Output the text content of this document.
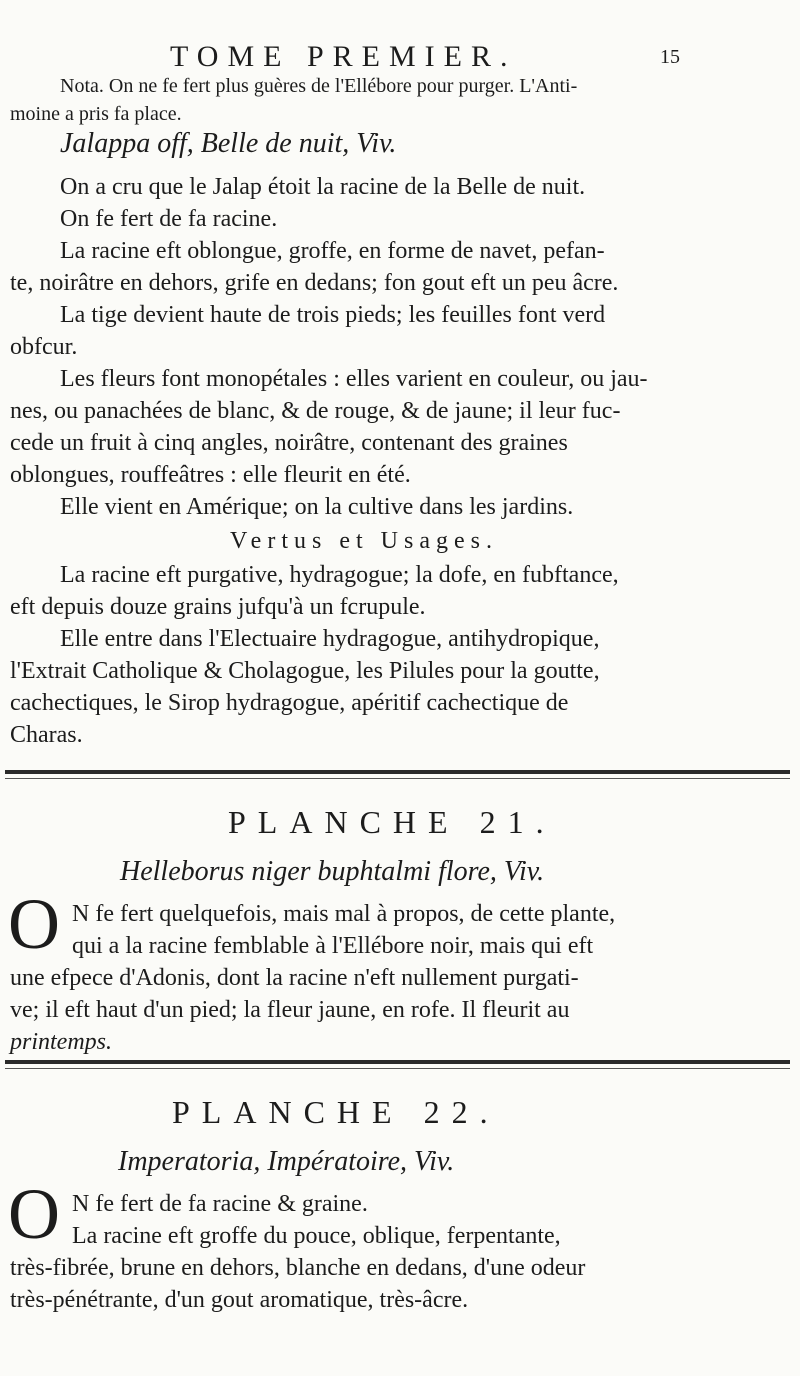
TOME PREMIER.	15
Nota. On ne fe fert plus guères de l'Ellébore pour purger. L'Anti-
moine a pris fa place.
Jalappa off, Belle de nuit, Viv.
On a cru que le Jalap étoit la racine de la Belle de nuit.
On fe fert de fa racine.
La racine eft oblongue, groffe, en forme de navet, pefan-
te, noirâtre en dehors, grife en dedans; fon gout eft un peu âcre.
La tige devient haute de trois pieds; les feuilles font verd
obfcur.
Les fleurs font monopétales : elles varient en couleur, ou jau-
nes, ou panachées de blanc, & de rouge, & de jaune; il leur fuc-
cede un fruit à cinq angles, noirâtre, contenant des graines
oblongues, rouffeâtres : elle fleurit en été.
Elle vient en Amérique; on la cultive dans les jardins.
Vertus et Usages.
La racine eft purgative, hydragogue; la dofe, en fubftance,
eft depuis douze grains jufqu'à un fcrupule.
Elle entre dans l'Electuaire hydragogue, antihydropique,
l'Extrait Catholique & Cholagogue, les Pilules pour la goutte,
cachectiques, le Sirop hydragogue, apéritif cachectique de
Charas.
PLANCHE 21.
Helleborus niger buphtalmi flore, Viv.
O N fe fert quelquefois, mais mal à propos, de cette plante,
qui a la racine femblable à l'Ellébore noir, mais qui eft
une efpece d'Adonis, dont la racine n'eft nullement purgati-
ve; il eft haut d'un pied; la fleur jaune, en rofe. Il fleurit au
printemps.
PLANCHE 22.
Imperatoria, Impératoire, Viv.
O N fe fert de fa racine & graine.
La racine eft groffe du pouce, oblique, ferpentante,
très-fibrée, brune en dehors, blanche en dedans, d'une odeur
très-pénétrante, d'un gout aromatique, très-âcre.
